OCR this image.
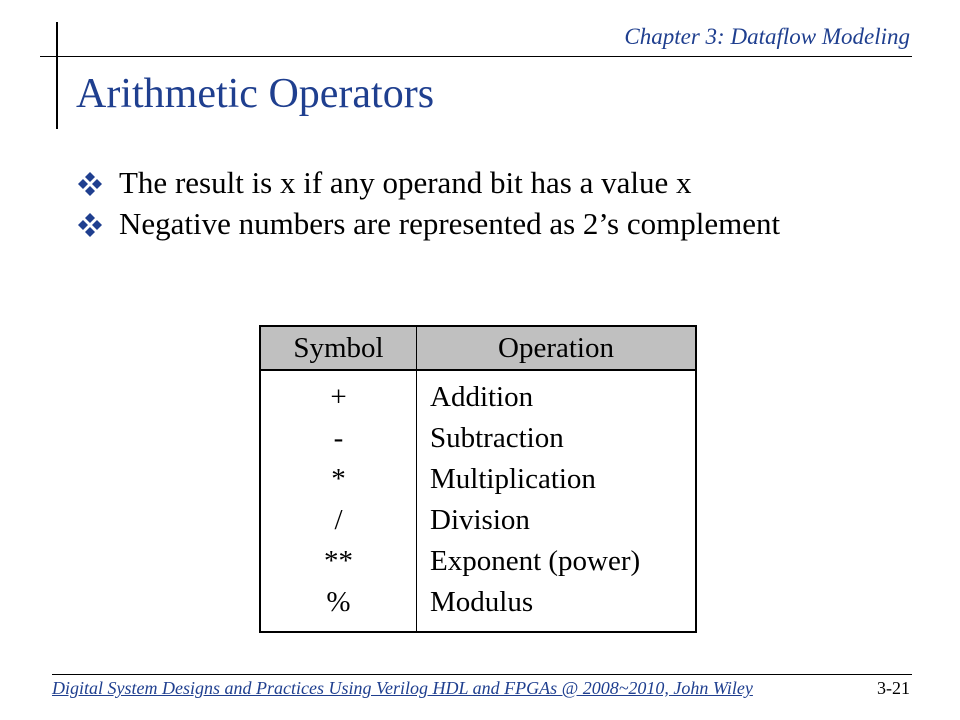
Chapter 3: Dataflow Modeling
Arithmetic Operators
The result is x if any operand bit has a value x
Negative numbers are represented as 2’s complement
Symbol	Operation
+	Addition
-	Subtraction
*	Multiplication
/	Division
**	Exponent (power)
%	Modulus
Digital System Designs and Practices Using Verilog HDL and FPGAs @ 2008~2010, John Wiley	3-21
